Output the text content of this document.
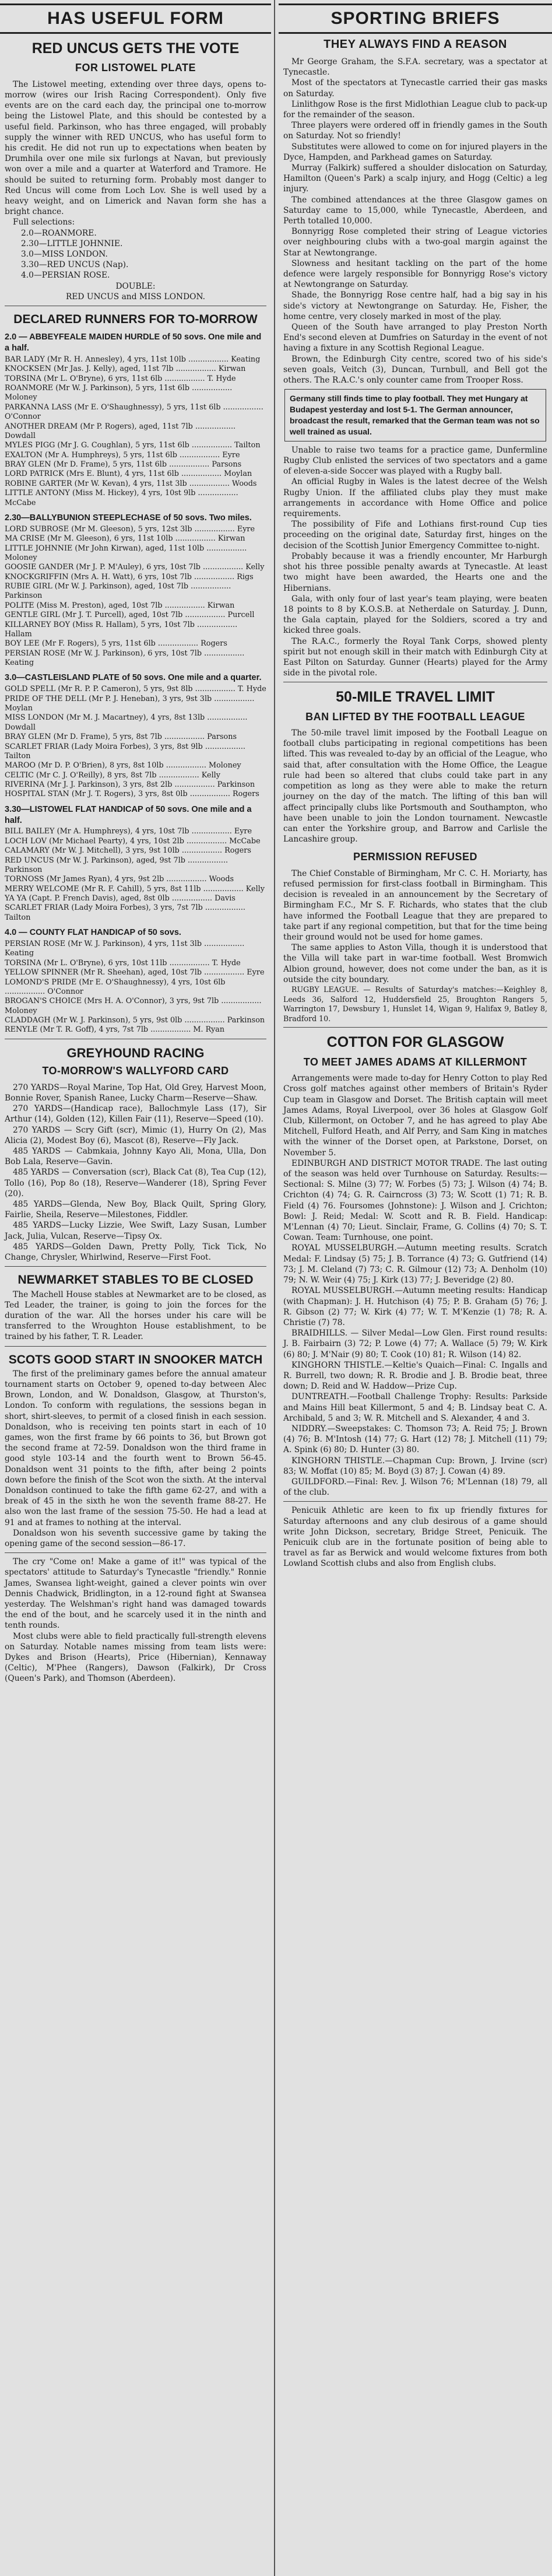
HAS USEFUL FORM
RED UNCUS GETS THE VOTE
FOR LISTOWEL PLATE

The Listowel meeting, extending over three days, opens to-morrow (wires our Irish Racing Correspondent). Only five events are on the card each day, the principal one to-morrow being the Listowel Plate, and this should be contested by a useful field. Parkinson, who has three engaged, will probably supply the winner with RED UNCUS, who has useful form to his credit. He did not run up to expectations when beaten by Drumhila over one mile six furlongs at Navan, but previously won over a mile and a quarter at Waterford and Tramore. He should be suited to returning form. Probably most danger to Red Uncus will come from Loch Lov. She is well used by a heavy weight, and on Limerick and Navan form she has a bright chance.

Full selections:

2.0—ROANMORE.

2.30—LITTLE JOHNNIE.

3.0—MISS LONDON.

3.30—RED UNCUS (Nap).

4.0—PERSIAN ROSE.

DOUBLE:

RED UNCUS and MISS LONDON.

DECLARED RUNNERS FOR TO-MORROW
2.0 — ABBEYFEALE MAIDEN HURDLE of 50 sovs. One mile and a half.
BAR LADY (Mr R. H. Annesley), 4 yrs, 11st 10lb ................. Keating
KNOCKSEN (Mr Jas. J. Kelly), aged, 11st 7lb ................. Kirwan
TORSINA (Mr L. O'Bryne), 6 yrs, 11st 6lb ................. T. Hyde
ROANMORE (Mr W. J. Parkinson), 5 yrs, 11st 6lb ................. Moloney
PARKANNA LASS (Mr E. O'Shaughnessy), 5 yrs, 11st 6lb ................. O'Connor
ANOTHER DREAM (Mr P. Rogers), aged, 11st 7lb ................. Dowdall
MYLES PIGG (Mr J. G. Coughlan), 5 yrs, 11st 6lb ................. Tailton
EXALTON (Mr A. Humphreys), 5 yrs, 11st 6lb ................. Eyre
BRAY GLEN (Mr D. Frame), 5 yrs, 11st 6lb ................. Parsons
LORD PATRICK (Mrs E. Blunt), 4 yrs, 11st 6lb ................. Moylan
ROBINE GARTER (Mr W. Kevan), 4 yrs, 11st 3lb ................. Woods
LITTLE ANTONY (Miss M. Hickey), 4 yrs, 10st 9lb ................. McCabe
2.30—BALLYBUNION STEEPLECHASE of 50 sovs. Two miles.
LORD SUBROSE (Mr M. Gleeson), 5 yrs, 12st 3lb ................. Eyre
MA CRISE (Mr M. Gleeson), 6 yrs, 11st 10lb ................. Kirwan
LITTLE JOHNNIE (Mr John Kirwan), aged, 11st 10lb ................. Moloney
GOOSIE GANDER (Mr J. P. M'Auley), 6 yrs, 10st 7lb ................. Kelly
KNOCKGRIFFIN (Mrs A. H. Watt), 6 yrs, 10st 7lb ................. Rigs
RUBIE GIRL (Mr W. J. Parkinson), aged, 10st 7lb ................. Parkinson
POLITE (Miss M. Preston), aged, 10st 7lb ................. Kirwan
GENTLE GIRL (Mr J. T. Purcell), aged, 10st 7lb ................. Purcell
KILLARNEY BOY (Miss R. Hallam), 5 yrs, 10st 7lb ................. Hallam
BOY LEE (Mr F. Rogers), 5 yrs, 11st 6lb ................. Rogers
PERSIAN ROSE (Mr W. J. Parkinson), 6 yrs, 10st 7lb ................. Keating
3.0—CASTLEISLAND PLATE of 50 sovs. One mile and a quarter.
GOLD SPELL (Mr R. P. P. Cameron), 5 yrs, 9st 8lb ................. T. Hyde
PRIDE OF THE DELL (Mr P. J. Heneban), 3 yrs, 9st 3lb ................. Moylan
MISS LONDON (Mr M. J. Macartney), 4 yrs, 8st 13lb ................. Dowdall
BRAY GLEN (Mr D. Frame), 5 yrs, 8st 7lb ................. Parsons
SCARLET FRIAR (Lady Moira Forbes), 3 yrs, 8st 9lb ................. Tailton
MAROO (Mr D. P. O'Brien), 8 yrs, 8st 10lb ................. Moloney
CELTIC (Mr C. J. O'Reilly), 8 yrs, 8st 7lb ................. Kelly
RIVERINA (Mr J. J. Parkinson), 3 yrs, 8st 2lb ................. Parkinson
HOSPITAL STAN (Mr J. T. Rogers), 3 yrs, 8st 0lb ................. Rogers
3.30—LISTOWEL FLAT HANDICAP of 50 sovs. One mile and a half.
BILL BAILEY (Mr A. Humphreys), 4 yrs, 10st 7lb ................. Eyre
LOCH LOV (Mr Michael Pearty), 4 yrs, 10st 2lb ................. McCabe
CALAMARY (Mr W. J. Mitchell), 3 yrs, 9st 10lb ................. Rogers
RED UNCUS (Mr W. J. Parkinson), aged, 9st 7lb ................. Parkinson
TORNOSS (Mr James Ryan), 4 yrs, 9st 2lb ................. Woods
MERRY WELCOME (Mr R. F. Cahill), 5 yrs, 8st 11lb ................. Kelly
YA YA (Capt. P. French Davis), aged, 8st 0lb ................. Davis
SCARLET FRIAR (Lady Moira Forbes), 3 yrs, 7st 7lb ................. Tailton
4.0 — COUNTY FLAT HANDICAP of 50 sovs.
PERSIAN ROSE (Mr W. J. Parkinson), 4 yrs, 11st 3lb ................. Keating
TORSINA (Mr L. O'Bryne), 6 yrs, 10st 11lb ................. T. Hyde
YELLOW SPINNER (Mr R. Sheehan), aged, 10st 7lb ................. Eyre
LOMOND'S PRIDE (Mr E. O'Shaughnessy), 4 yrs, 10st 6lb ................. O'Connor
BROGAN'S CHOICE (Mrs H. A. O'Connor), 3 yrs, 9st 7lb ................. Moloney
CLADDAGH (Mr W. J. Parkinson), 5 yrs, 9st 0lb ................. Parkinson
RENYLE (Mr T. R. Goff), 4 yrs, 7st 7lb ................. M. Ryan
GREYHOUND RACING
TO-MORROW'S WALLYFORD CARD

270 YARDS—Royal Marine, Top Hat, Old Grey, Harvest Moon, Bonnie Rover, Spanish Ranee, Lucky Charm—Reserve—Shaw.

270 YARDS—(Handicap race), Ballochmyle Lass (17), Sir Arthur (14), Golden (12), Killen Fair (11), Reserve—Speed (10).

270 YARDS — Scry Gift (scr), Mimic (1), Hurry On (2), Mas Alicia (2), Modest Boy (6), Mascot (8), Reserve—Fly Jack.

485 YARDS — Cabmkaia, Johnny Kayo Ali, Mona, Ulla, Don Bob Lala, Reserve—Gavin.

485 YARDS — Conversation (scr), Black Cat (8), Tea Cup (12), Tollo (16), Pop 8o (18), Reserve—Wanderer (18), Spring Fever (20).

485 YARDS—Glenda, New Boy, Black Quilt, Spring Glory, Fairlie, Sheila, Reserve—Milestones, Fiddler.

485 YARDS—Lucky Lizzie, Wee Swift, Lazy Susan, Lumber Jack, Julia, Vulcan, Reserve—Tipsy Ox.

485 YARDS—Golden Dawn, Pretty Polly, Tick Tick, No Change, Chrysler, Whirlwind, Reserve—First Foot.

NEWMARKET STABLES TO BE CLOSED

The Machell House stables at Newmarket are to be closed, as Ted Leader, the trainer, is going to join the forces for the duration of the war. All the horses under his care will be transferred to the Wroughton House establishment, to be trained by his father, T. R. Leader.

SCOTS GOOD START IN SNOOKER MATCH

The first of the preliminary games before the annual amateur tournament starts on October 9, opened to-day between Alec Brown, London, and W. Donaldson, Glasgow, at Thurston's, London. To conform with regulations, the sessions began in short, shirt-sleeves, to permit of a closed finish in each session. Donaldson, who is receiving ten points start in each of 10 games, won the first frame by 66 points to 36, but Brown got the second frame at 72-59. Donaldson won the third frame in good style 103-14 and the fourth went to Brown 56-45. Donaldson went 31 points to the fifth, after being 2 points down before the finish of the Scot won the sixth. At the interval Donaldson continued to take the fifth game 62-27, and with a break of 45 in the sixth he won the seventh frame 88-27. He also won the last frame of the session 75-50. He had a lead at 91 and at frames to nothing at the interval.

Donaldson won his seventh successive game by taking the opening game of the second session—86-17.

The cry "Come on! Make a game of it!" was typical of the spectators' attitude to Saturday's Tynecastle "friendly." Ronnie James, Swansea light-weight, gained a clever points win over Dennis Chadwick, Bridlington, in a 12-round fight at Swansea yesterday. The Welshman's right hand was damaged towards the end of the bout, and he scarcely used it in the ninth and tenth rounds.

Most clubs were able to field practically full-strength elevens on Saturday. Notable names missing from team lists were: Dykes and Brison (Hearts), Price (Hibernian), Kennaway (Celtic), M'Phee (Rangers), Dawson (Falkirk), Dr Cross (Queen's Park), and Thomson (Aberdeen).

SPORTING BRIEFS
THEY ALWAYS FIND A REASON

Mr George Graham, the S.F.A. secretary, was a spectator at Tynecastle.

Most of the spectators at Tynecastle carried their gas masks on Saturday.

Linlithgow Rose is the first Midlothian League club to pack-up for the remainder of the season.

Three players were ordered off in friendly games in the South on Saturday. Not so friendly!

Substitutes were allowed to come on for injured players in the Dyce, Hampden, and Parkhead games on Saturday.

Murray (Falkirk) suffered a shoulder dislocation on Saturday, Hamilton (Queen's Park) a scalp injury, and Hogg (Celtic) a leg injury.

The combined attendances at the three Glasgow games on Saturday came to 15,000, while Tynecastle, Aberdeen, and Perth totalled 10,000.

Bonnyrigg Rose completed their string of League victories over neighbouring clubs with a two-goal margin against the Star at Newtongrange.

Slowness and hesitant tackling on the part of the home defence were largely responsible for Bonnyrigg Rose's victory at Newtongrange on Saturday.

Shade, the Bonnyrigg Rose centre half, had a big say in his side's victory at Newtongrange on Saturday. He, Fisher, the home centre, very closely marked in most of the play.

Queen of the South have arranged to play Preston North End's second eleven at Dumfries on Saturday in the event of not having a fixture in any Scottish Regional League.

Brown, the Edinburgh City centre, scored two of his side's seven goals, Veitch (3), Duncan, Turnbull, and Bell got the others. The R.A.C.'s only counter came from Trooper Ross.

Germany still finds time to play football. They met Hungary at Budapest yesterday and lost 5-1. The German announcer, broadcast the result, remarked that the German team was not so well trained as usual.

Unable to raise two teams for a practice game, Dunfermline Rugby Club enlisted the services of two spectators and a game of eleven-a-side Soccer was played with a Rugby ball.

An official Rugby in Wales is the latest decree of the Welsh Rugby Union. If the affiliated clubs play they must make arrangements in accordance with Home Office and police requirements.

The possibility of Fife and Lothians first-round Cup ties proceeding on the original date, Saturday first, hinges on the decision of the Scottish Junior Emergency Committee to-night.

Probably because it was a friendly encounter, Mr Harburgh shot his three possible penalty awards at Tynecastle. At least two might have been awarded, the Hearts one and the Hibernians.

Gala, with only four of last year's team playing, were beaten 18 points to 8 by K.O.S.B. at Netherdale on Saturday. J. Dunn, the Gala captain, played for the Soldiers, scored a try and kicked three goals.

The R.A.C., formerly the Royal Tank Corps, showed plenty spirit but not enough skill in their match with Edinburgh City at East Pilton on Saturday. Gunner (Hearts) played for the Army side in the pivotal role.

50-MILE TRAVEL LIMIT
BAN LIFTED BY THE FOOTBALL LEAGUE

The 50-mile travel limit imposed by the Football League on football clubs participating in regional competitions has been lifted. This was revealed to-day by an official of the League, who said that, after consultation with the Home Office, the League rule had been so altered that clubs could take part in any competition as long as they were able to make the return journey on the day of the match. The lifting of this ban will affect principally clubs like Portsmouth and Southampton, who have been unable to join the London tournament. Newcastle can enter the Yorkshire group, and Barrow and Carlisle the Lancashire group.

PERMISSION REFUSED

The Chief Constable of Birmingham, Mr C. C. H. Moriarty, has refused permission for first-class football in Birmingham. This decision is revealed in an announcement by the Secretary of Birmingham F.C., Mr S. F. Richards, who states that the club have informed the Football League that they are prepared to take part if any regional competition, but that for the time being their ground would not be used for home games.

The same applies to Aston Villa, though it is understood that the Villa will take part in war-time football. West Bromwich Albion ground, however, does not come under the ban, as it is outside the city boundary.

RUGBY LEAGUE. — Results of Saturday's matches:—Keighley 8, Leeds 36, Salford 12, Huddersfield 25, Broughton Rangers 5, Warrington 17, Dewsbury 1, Hunslet 14, Wigan 9, Halifax 9, Batley 8, Bradford 10.

COTTON FOR GLASGOW
TO MEET JAMES ADAMS AT KILLERMONT

Arrangements were made to-day for Henry Cotton to play Red Cross golf matches against other members of Britain's Ryder Cup team in Glasgow and Dorset. The British captain will meet James Adams, Royal Liverpool, over 36 holes at Glasgow Golf Club, Killermont, on October 7, and he has agreed to play Abe Mitchell, Fulford Heath, and Alf Perry, and Sam King in matches with the winner of the Dorset open, at Parkstone, Dorset, on November 5.

EDINBURGH AND DISTRICT MOTOR TRADE. The last outing of the season was held over Turnhouse on Saturday. Results:—Sectional: S. Milne (3) 77; W. Forbes (5) 73; J. Wilson (4) 74; B. Crichton (4) 74; G. R. Cairncross (3) 73; W. Scott (1) 71; R. B. Field (4) 76. Foursomes (Johnstone): J. Wilson and J. Crichton; Bowl: J. Reid; Medal: W. Scott and R. B. Field. Handicap: M'Lennan (4) 70; Lieut. Sinclair, Frame, G. Collins (4) 70; S. T. Cowan. Team: Turnhouse, one point.

ROYAL MUSSELBURGH.—Autumn meeting results. Scratch Medal: F. Lindsay (5) 75; J. B. Torrance (4) 73; G. Gutfriend (14) 73; J. M. Cleland (7) 73; C. R. Gilmour (12) 73; A. Denholm (10) 79; N. W. Weir (4) 75; J. Kirk (13) 77; J. Beveridge (2) 80.

ROYAL MUSSELBURGH.—Autumn meeting results: Handicap (with Chapman): J. H. Hutchison (4) 75; P. B. Graham (5) 76; J. R. Gibson (2) 77; W. Kirk (4) 77; W. T. M'Kenzie (1) 78; R. A. Christie (7) 78.

BRAIDHILLS. — Silver Medal—Low Glen. First round results: J. B. Fairbairn (3) 72; P. Lowe (4) 77; A. Wallace (5) 79; W. Kirk (6) 80; J. M'Nair (9) 80; T. Cook (10) 81; R. Wilson (14) 82.

KINGHORN THISTLE.—Keltie's Quaich—Final: C. Ingalls and R. Burrell, two down; R. R. Brodie and J. B. Brodie beat, three down; D. Reid and W. Haddow—Prize Cup.

DUNTREATH.—Football Challenge Trophy: Results: Parkside and Mains Hill beat Killermont, 5 and 4; B. Lindsay beat C. A. Archibald, 5 and 3; W. R. Mitchell and S. Alexander, 4 and 3.

NIDDRY.—Sweepstakes: C. Thomson 73; A. Reid 75; J. Brown (4) 76; B. M'Intosh (14) 77; G. Hart (12) 78; J. Mitchell (11) 79; A. Spink (6) 80; D. Hunter (3) 80.

KINGHORN THISTLE.—Chapman Cup: Brown, J. Irvine (scr) 83; W. Moffat (10) 85; M. Boyd (3) 87; J. Cowan (4) 89.

GUILDFORD.—Final: Rev. J. Wilson 76; M'Lennan (18) 79, all of the club.

Penicuik Athletic are keen to fix up friendly fixtures for Saturday afternoons and any club desirous of a game should write John Dickson, secretary, Bridge Street, Penicuik. The Penicuik club are in the fortunate position of being able to travel as far as Berwick and would welcome fixtures from both Lowland Scottish clubs and also from English clubs.
